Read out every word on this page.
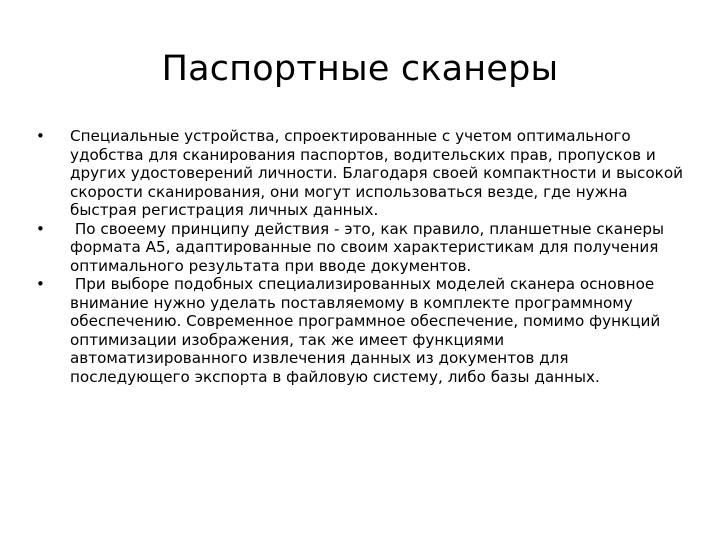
Паспортные сканеры
•	Специальные устройства, спроектированные с учетом оптимального удобства для сканирования паспортов, водительских прав, пропусков и других удостоверений личности. Благодаря своей компактности и высокой скорости сканирования, они могут использоваться везде, где нужна быстрая регистрация личных данных.
•	По своеему принципу действия - это, как правило, планшетные сканеры формата А5, адаптированные по своим характеристикам для получения оптимального результата при вводе документов.
•	При выборе подобных специализированных моделей сканера основное внимание нужно уделать поставляемому в комплекте программному обеспечению. Современное программное обеспечение, помимо функций оптимизации изображения, так же имеет функциями автоматизированного извлечения данных из документов для последующего экспорта в файловую систему, либо базы данных.
